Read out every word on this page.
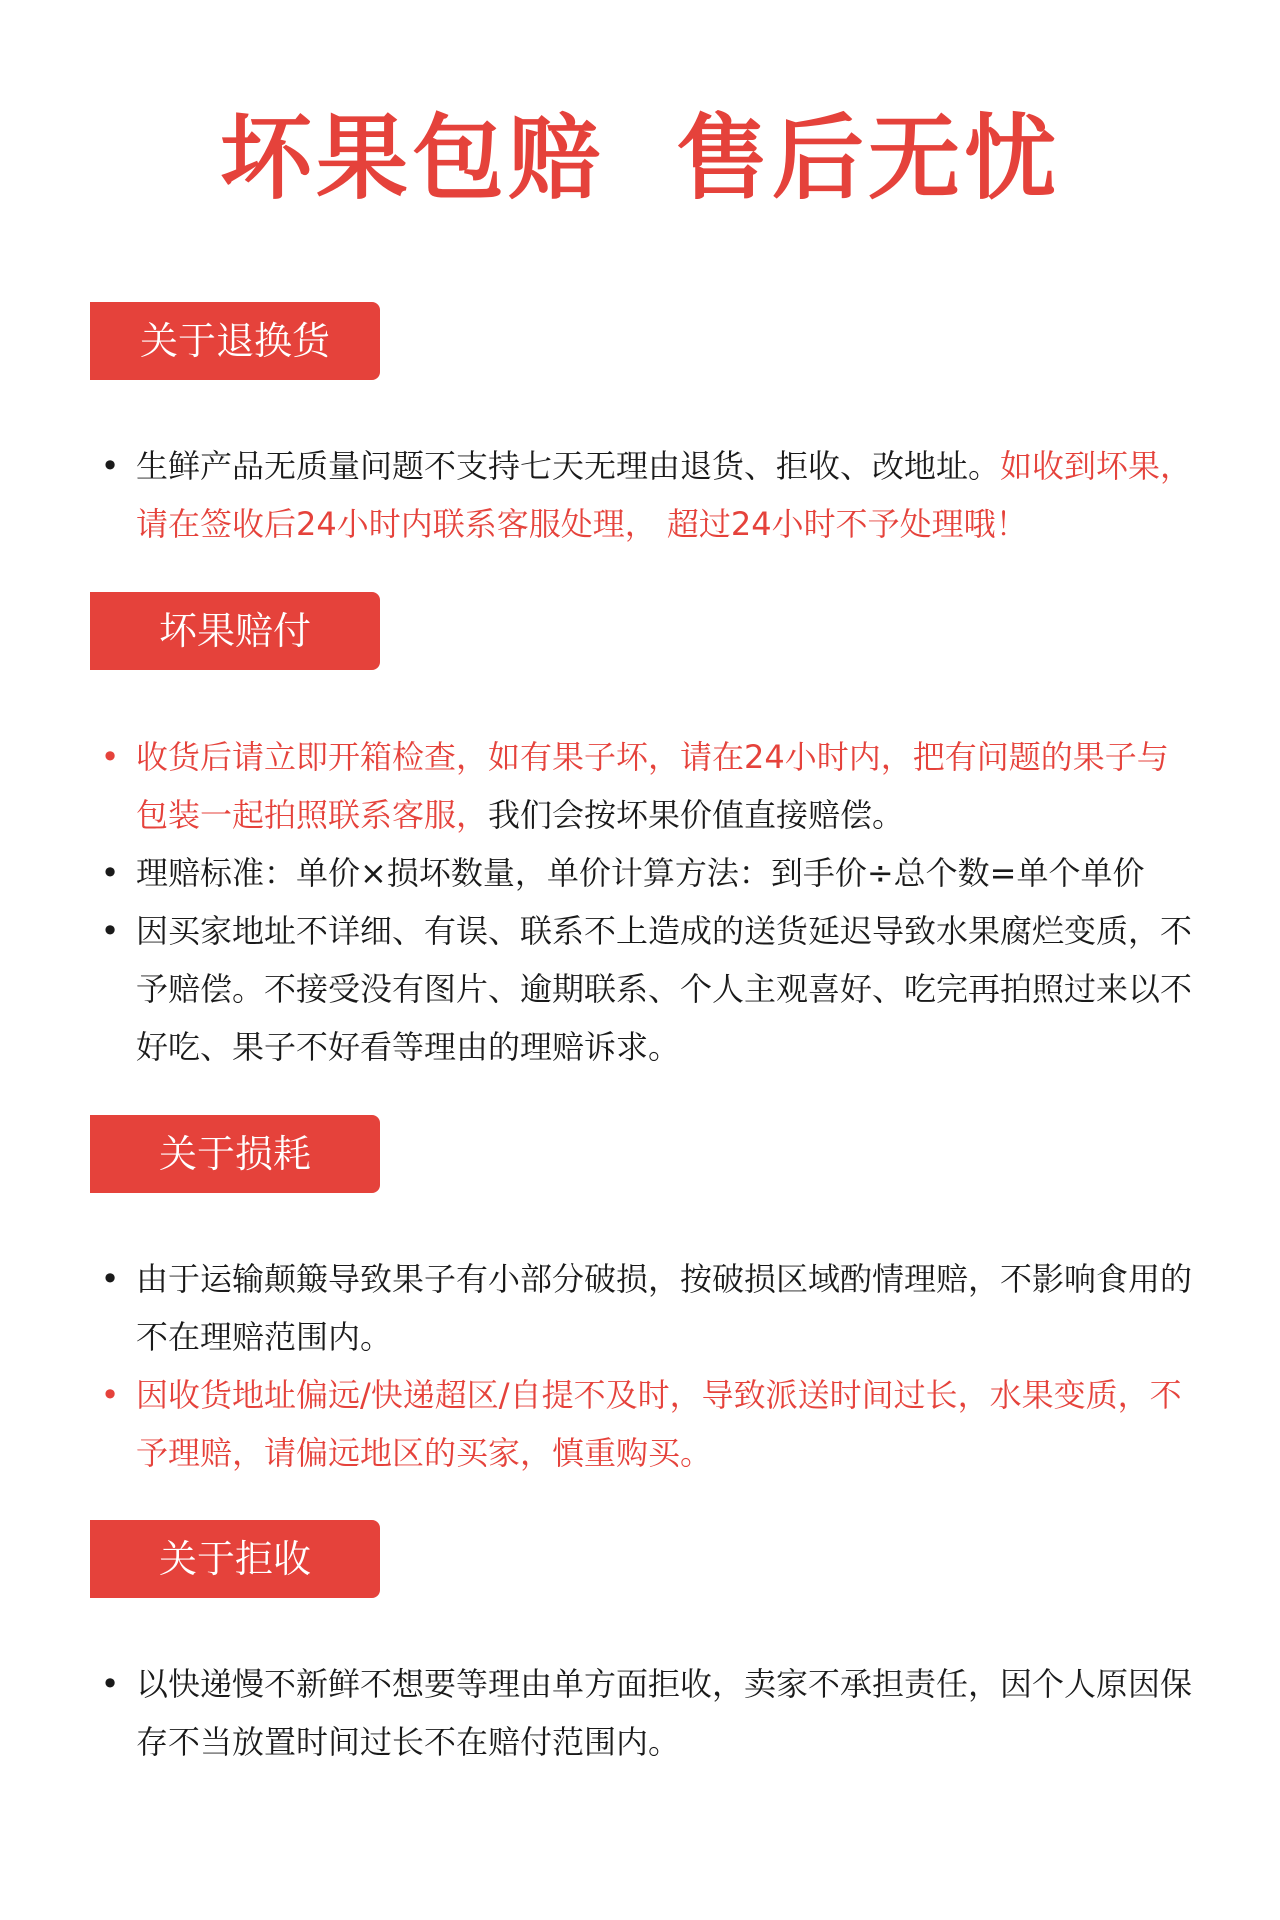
坏果包赔  售后无忧
关于退换货
• 生鲜产品无质量问题不支持七天无理由退货、拒收、改地址。如收到坏果，请在签收后24小时内联系客服处理， 超过24小时不予处理哦！
坏果赔付
• 收货后请立即开箱检查，如有果子坏，请在24小时内，把有问题的果子与包装一起拍照联系客服，我们会按坏果价值直接赔偿。
• 理赔标准：单价×损坏数量，单价计算方法：到手价÷总个数=单个单价
• 因买家地址不详细、有误、联系不上造成的送货延迟导致水果腐烂变质，不予赔偿。不接受没有图片、逾期联系、个人主观喜好、吃完再拍照过来以不好吃、果子不好看等理由的理赔诉求。
关于损耗
• 由于运输颠簸导致果子有小部分破损，按破损区域酌情理赔，不影响食用的不在理赔范围内。
• 因收货地址偏远/快递超区/自提不及时，导致派送时间过长，水果变质，不予理赔，请偏远地区的买家，慎重购买。
关于拒收
• 以快递慢不新鲜不想要等理由单方面拒收，卖家不承担责任，因个人原因保存不当放置时间过长不在赔付范围内。
